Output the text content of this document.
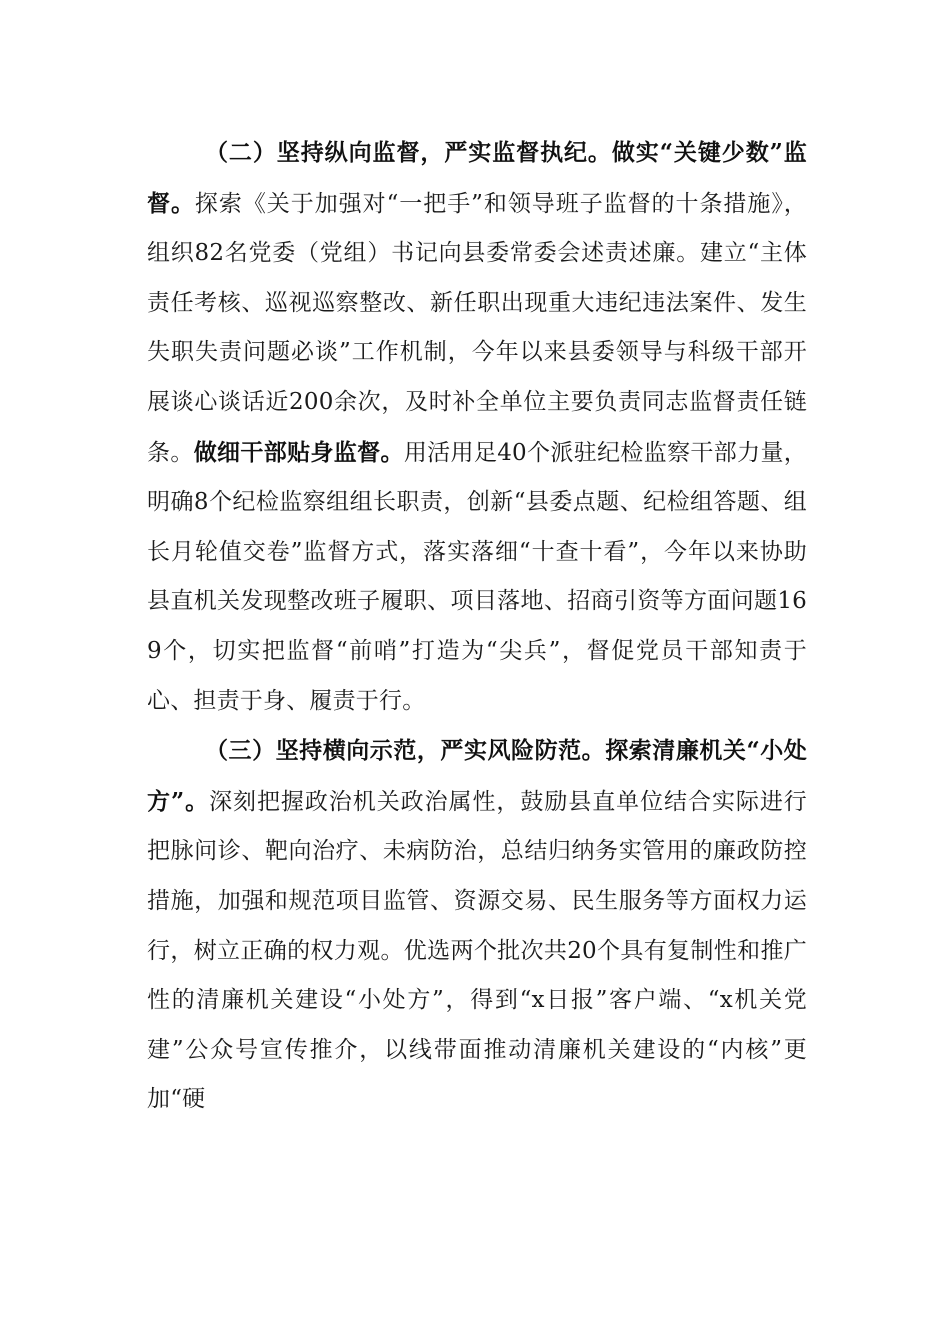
（二）坚持纵向监督，严实监督执纪。做实“关键少数”监督。探索《关于加强对“一把手”和领导班子监督的十条措施》，组织82名党委（党组）书记向县委常委会述责述廉。建立“主体责任考核、巡视巡察整改、新任职出现重大违纪违法案件、发生失职失责问题必谈”工作机制，今年以来县委领导与科级干部开展谈心谈话近200余次，及时补全单位主要负责同志监督责任链条。做细干部贴身监督。用活用足40个派驻纪检监察干部力量，明确8个纪检监察组组长职责，创新“县委点题、纪检组答题、组长月轮值交卷”监督方式，落实落细“十查十看”，今年以来协助县直机关发现整改班子履职、项目落地、招商引资等方面问题169个，切实把监督“前哨”打造为“尖兵”，督促党员干部知责于心、担责于身、履责于行。

（三）坚持横向示范，严实风险防范。探索清廉机关“小处方”。深刻把握政治机关政治属性，鼓励县直单位结合实际进行把脉问诊、靶向治疗、未病防治，总结归纳务实管用的廉政防控措施，加强和规范项目监管、资源交易、民生服务等方面权力运行，树立正确的权力观。优选两个批次共20个具有复制性和推广性的清廉机关建设“小处方”，得到“x日报”客户端、“x机关党建”公众号宣传推介，以线带面推动清廉机关建设的“内核”更加“硬
